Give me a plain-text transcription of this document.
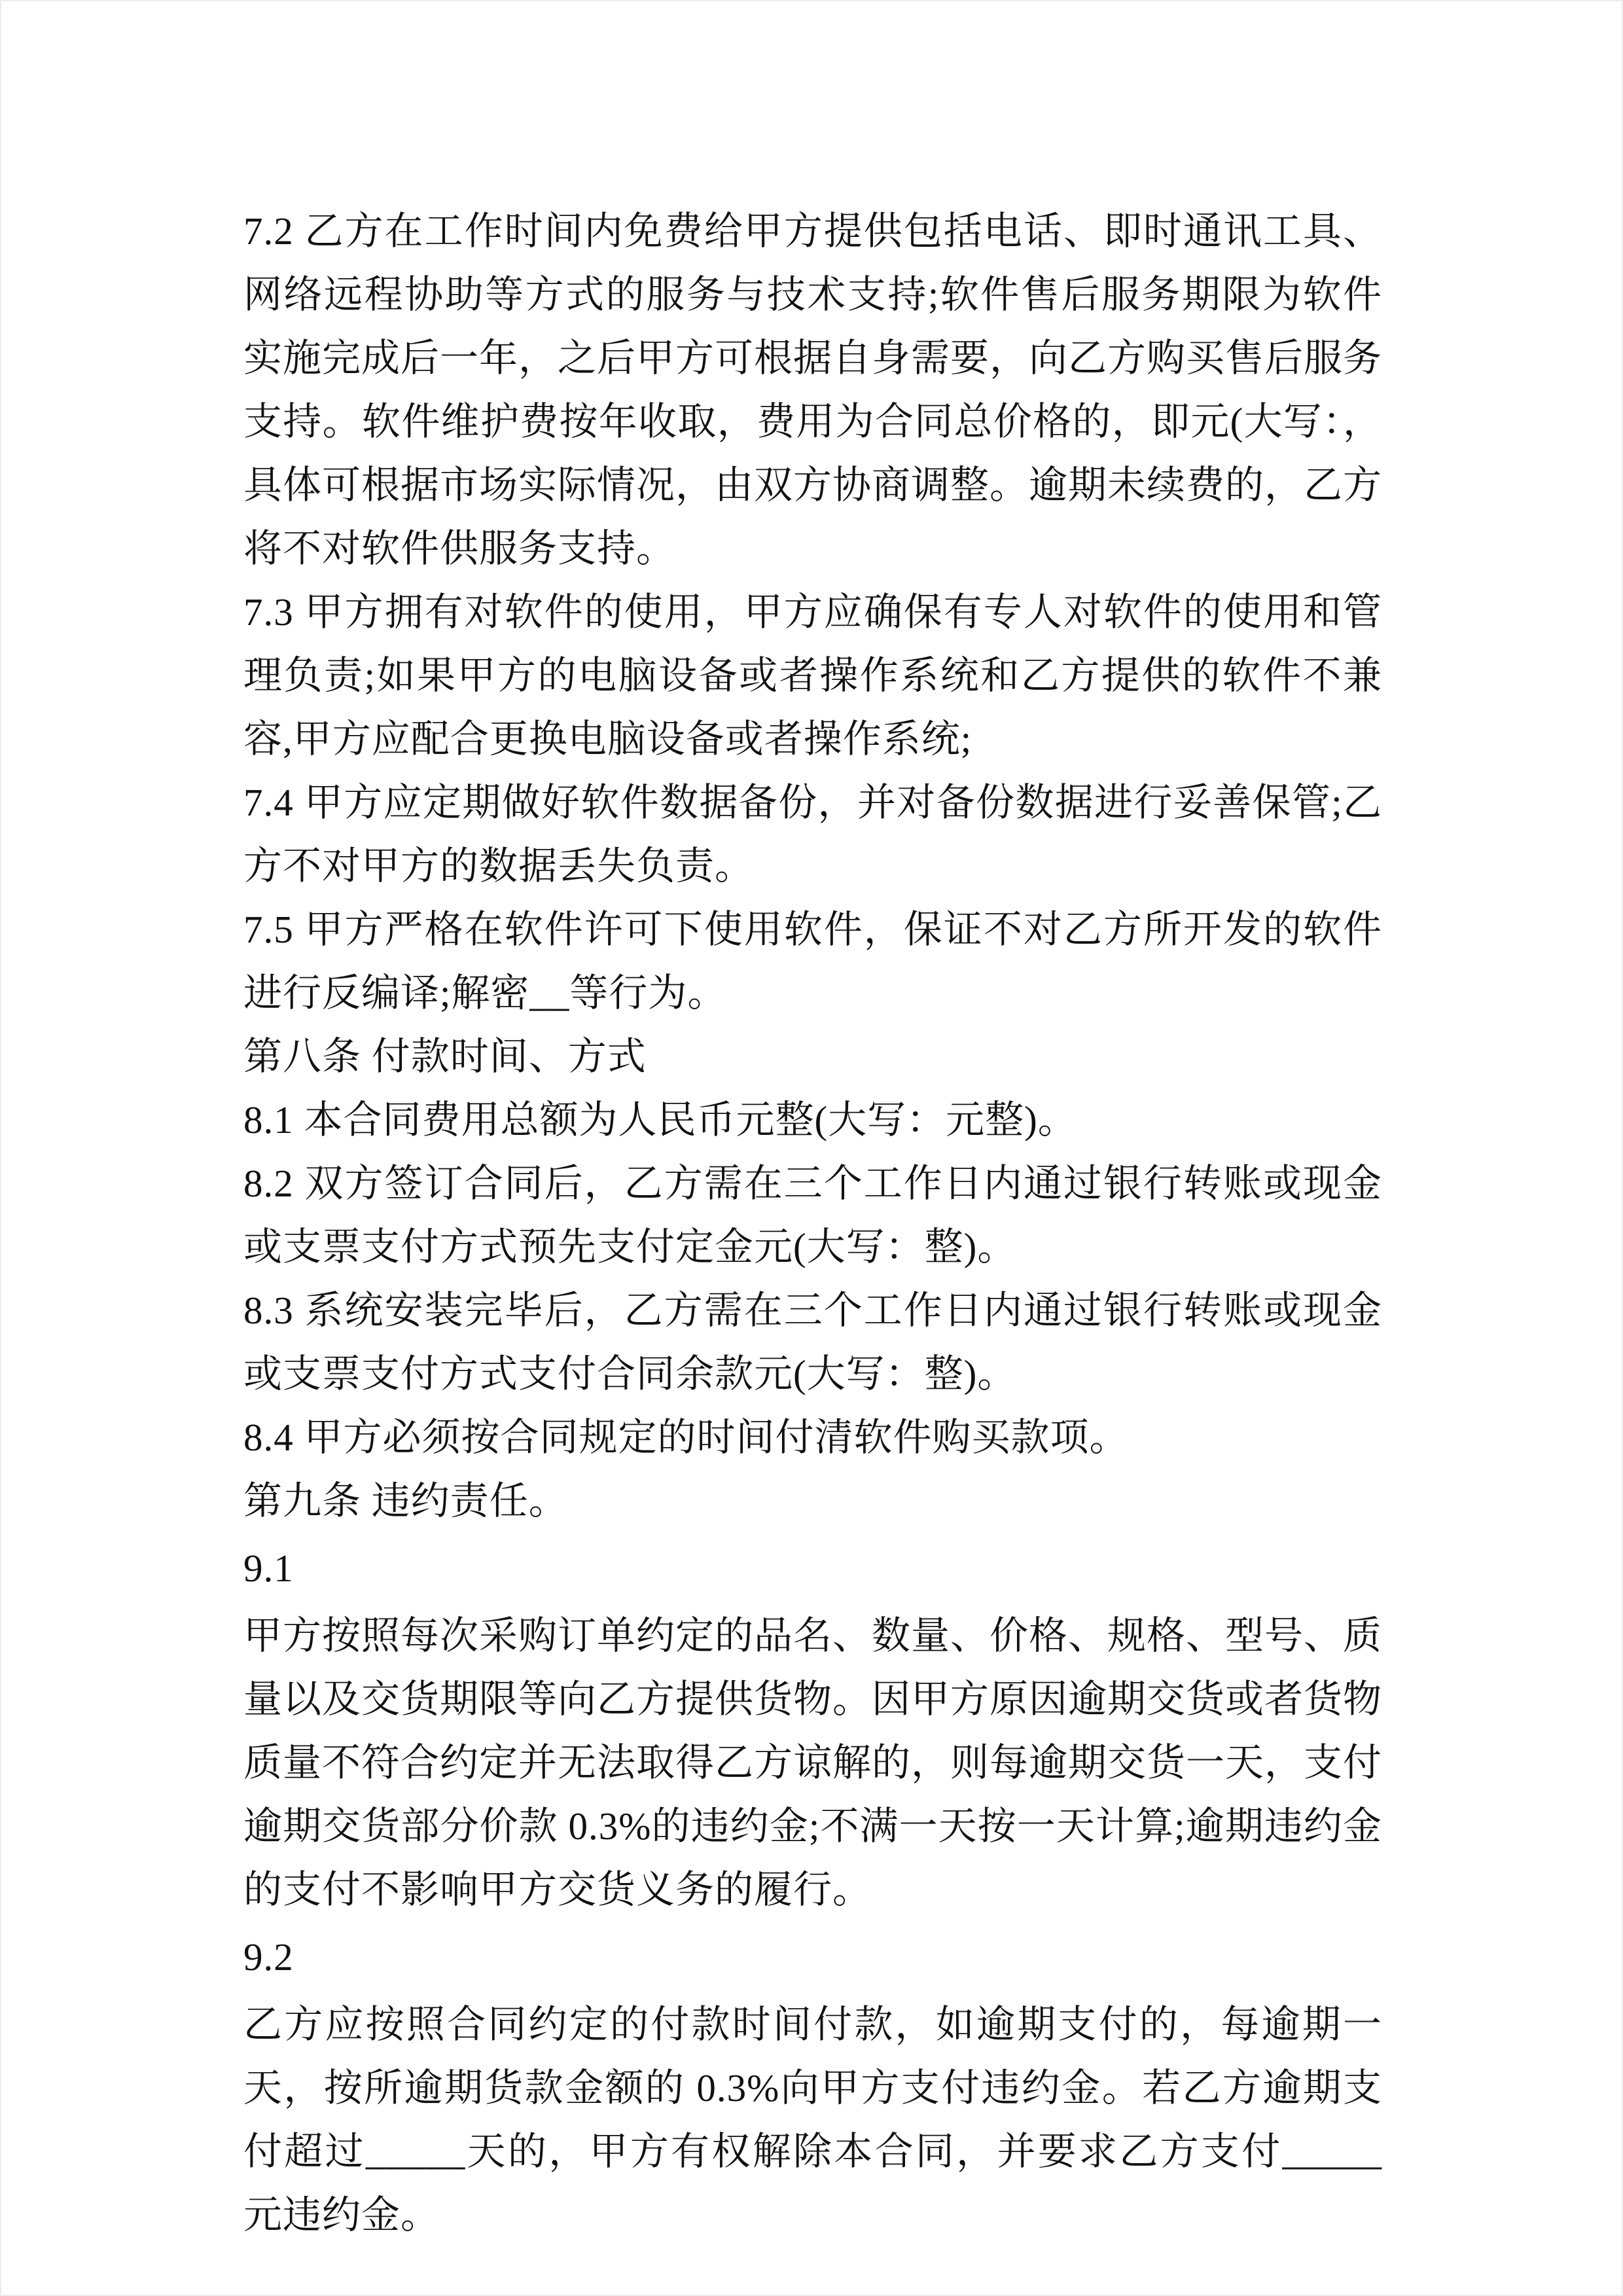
7.2 乙方在工作时间内免费给甲方提供包括电话、即时通讯工具、网络远程协助等方式的服务与技术支持;软件售后服务期限为软件实施完成后一年，之后甲方可根据自身需要，向乙方购买售后服务支持。软件维护费按年收取，费用为合同总价格的，即元(大写：，具体可根据市场实际情况，由双方协商调整。逾期未续费的，乙方将不对软件供服务支持。

7.3 甲方拥有对软件的使用，甲方应确保有专人对软件的使用和管理负责;如果甲方的电脑设备或者操作系统和乙方提供的软件不兼容,甲方应配合更换电脑设备或者操作系统;

7.4 甲方应定期做好软件数据备份，并对备份数据进行妥善保管;乙方不对甲方的数据丢失负责。

7.5 甲方严格在软件许可下使用软件，保证不对乙方所开发的软件进行反编译;解密__等行为。

第八条 付款时间、方式

8.1 本合同费用总额为人民币元整(大写：元整)。

8.2 双方签订合同后，乙方需在三个工作日内通过银行转账或现金或支票支付方式预先支付定金元(大写：整)。

8.3 系统安装完毕后，乙方需在三个工作日内通过银行转账或现金或支票支付方式支付合同余款元(大写：整)。

8.4 甲方必须按合同规定的时间付清软件购买款项。

第九条 违约责任。

9.1

甲方按照每次采购订单约定的品名、数量、价格、规格、型号、质量以及交货期限等向乙方提供货物。因甲方原因逾期交货或者货物质量不符合约定并无法取得乙方谅解的，则每逾期交货一天，支付逾期交货部分价款 0.3%的违约金;不满一天按一天计算;逾期违约金的支付不影响甲方交货义务的履行。

9.2

乙方应按照合同约定的付款时间付款，如逾期支付的，每逾期一天，按所逾期货款金额的 0.3%向甲方支付违约金。若乙方逾期支付超过_____天的，甲方有权解除本合同，并要求乙方支付_____元违约金。
